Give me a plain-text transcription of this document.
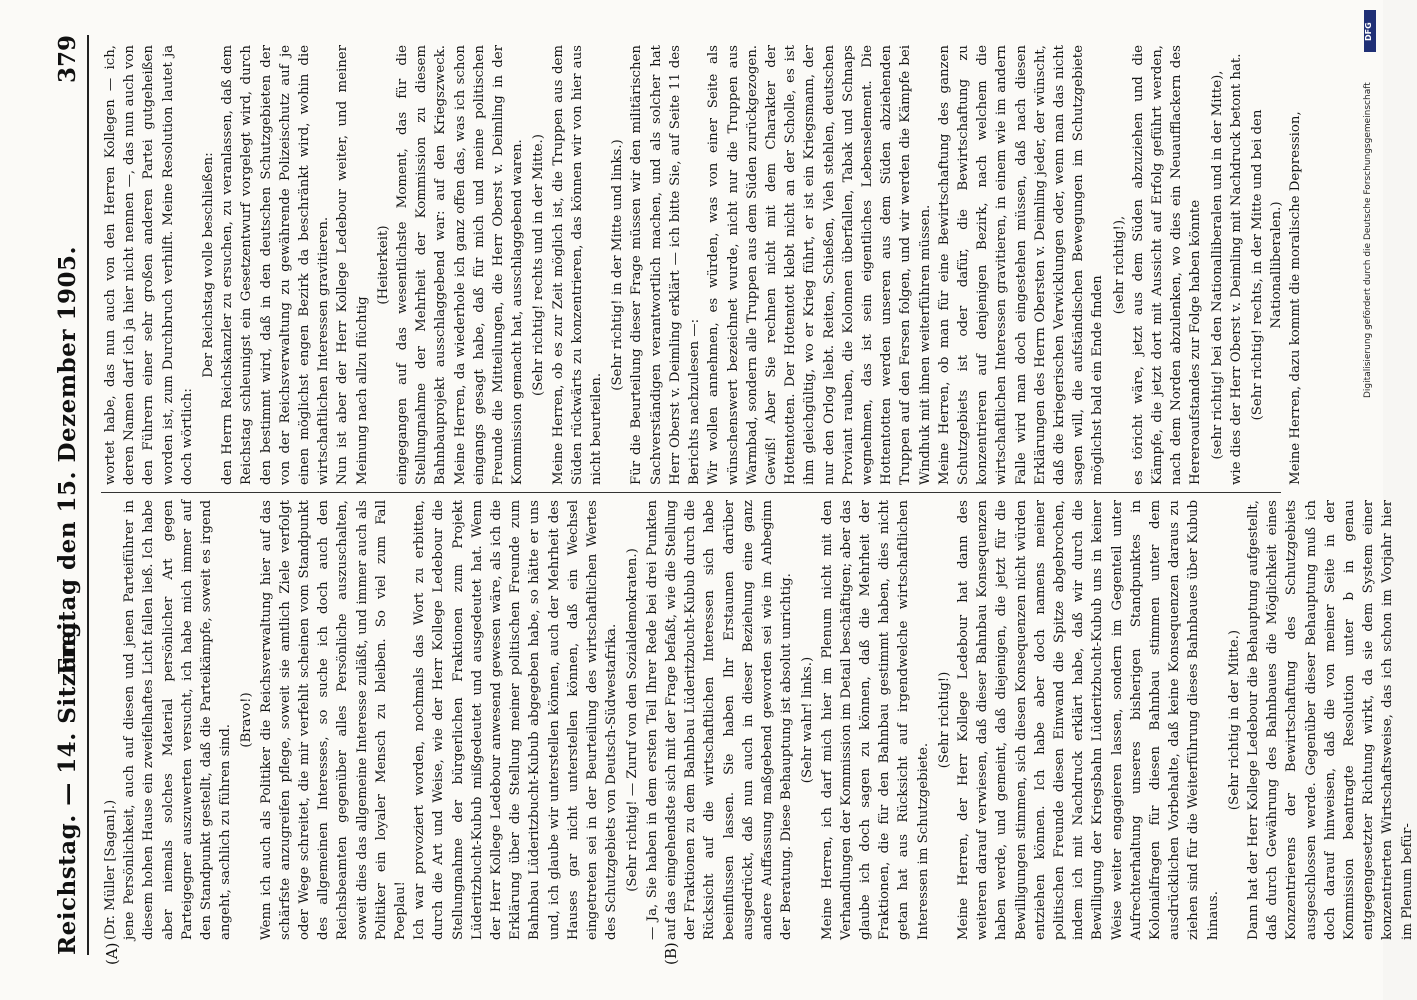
Reichstag. — 14. Sitzung.
Freitag den 15. Dezember 1905.
379
(A)	(B)

(Dr. Müller [Sagan].) jene Persönlichkeit, auch auf diesen und jenen Parteiführer in diesem hohen Hause ein zweifelhaftes Licht fallen ließ. Ich habe aber niemals solches Material persönlicher Art gegen Parteigegner auszuwerten versucht, ich habe mich immer auf den Standpunkt gestellt, daß die Parteikämpfe, soweit es irgend angeht, sachlich zu führen sind.

(Bravo!) Wenn ich auch als Politiker die Reichsverwaltung hier auf das schärfste anzugreifen pflege, soweit sie amtlich Ziele verfolgt oder Wege schreitet, die mir verfehlt scheinen vom Standpunkt des allgemeinen Interesses, so suche ich doch auch den Reichsbeamten gegenüber alles Persönliche auszuschalten, soweit dies das allgemeine Interesse zuläßt, und immer auch als Politiker ein loyaler Mensch zu bleiben. So viel zum Fall Poeplau! Ich war provoziert worden, nochmals das Wort zu erbitten, durch die Art und Weise, wie der Herr Kollege Ledebour die Stellungnahme der bürgerlichen Fraktionen zum Projekt Lüderitzbucht-Kubub mißgedeutet und ausgedeutet hat. Wenn der Herr Kollege Ledebour anwesend gewesen wäre, als ich die Erklärung über die Stellung meiner politischen Freunde zum Bahnbau Lüderitzbucht-Kubub abgegeben habe, so hätte er uns und, ich glaube wir unterstellen können, auch der Mehrheit des Hauses gar nicht unterstellen können, daß ein Wechsel eingetreten sei in der Beurteilung des wirtschaftlichen Wertes des Schutzgebiets von Deutsch-Südwestafrika. (Sehr richtig! — Zuruf von den Sozialdemokraten.) — Ja, Sie haben in dem ersten Teil Ihrer Rede bei drei Punkten auf das eingehendste sich mit der Frage befaßt, wie die Stellung der Fraktionen zu dem Bahnbau Lüderitzbucht-Kubub durch die Rücksicht auf die wirtschaftlichen Interessen sich habe beeinflussen lassen. Sie haben Ihr Erstaunen darüber ausgedrückt, daß nun auch in dieser Beziehung eine ganz andere Auffassung maßgebend geworden sei wie im Anbeginn der Beratung. Diese Behauptung ist absolut unrichtig. (Sehr wahr! links.) Meine Herren, ich darf mich hier im Plenum nicht mit den Verhandlungen der Kommission im Detail beschäftigen; aber das glaube ich doch sagen zu können, daß die Mehrheit der Fraktionen, die für den Bahnbau gestimmt haben, dies nicht getan hat aus Rücksicht auf irgendwelche wirtschaftlichen Interessen im Schutzgebiete.

(Sehr richtig!) Meine Herren, der Herr Kollege Ledebour hat dann des weiteren darauf verwiesen, daß dieser Bahnbau Konsequenzen haben werde, und gemeint, daß diejenigen, die jetzt für die Bewilligungen stimmen, sich diesen Konsequenzen nicht würden entziehen können. Ich habe aber doch namens meiner politischen Freunde diesen Einwand die Spitze abgebrochen, indem ich mit Nachdruck erklärt habe, daß wir durch die Bewilligung der Kriegsbahn Lüderitzbucht-Kubub uns in keiner Weise weiter engagieren lassen, sondern im Gegenteil unter Aufrechterhaltung unseres bisherigen Standpunktes in Kolonialfragen für diesen Bahnbau stimmen unter dem ausdrücklichen Vorbehalte, daß keine Konsequenzen daraus zu ziehen sind für die Weiterführung dieses Bahnbaues über Kubub hinaus.

(Sehr richtig in der Mitte.) Dann hat der Herr Kollege Ledebour die Behauptung aufgestellt, daß durch Gewährung des Bahnbaues die Möglichkeit eines Konzentrierens der Bewirtschaftung des Schutzgebiets ausgeschlossen werde. Gegenüber dieser Behauptung muß ich doch darauf hinweisen, daß die von meiner Seite in der Kommission beantragte Resolution unter b in genau entgegengesetzter Richtung wirkt, da sie dem System einer konzentrierten Wirtschaftsweise, das ich schon im Vorjahr hier im Plenum befür-

wortet habe, das nun auch von den Herren Kollegen — ich, deren Namen darf ich ja hier nicht nennen —, das nun auch von den Führern einer sehr großen anderen Partei gutgeheißen worden ist, zum Durchbruch verhilft. Meine Resolution lautet ja doch wörtlich:

Der Reichstag wolle beschließen: den Herrn Reichskanzler zu ersuchen, zu veranlassen, daß dem Reichstag schleunigst ein Gesetzentwurf vorgelegt wird, durch den bestimmt wird, daß in den deutschen Schutzgebieten der von der Reichsverwaltung zu gewährende Polizeischutz auf je einen möglichst engen Bezirk da beschränkt wird, wohin die wirtschaftlichen Interessen gravitieren. Nun ist aber der Herr Kollege Ledebour weiter, und meiner Meinung nach allzu flüchtig

(Heiterkeit) eingegangen auf das wesentlichste Moment, das für die Stellungnahme der Mehrheit der Kommission zu diesem Bahnbauprojekt ausschlaggebend war: auf den Kriegszweck. Meine Herren, da wiederhole ich ganz offen das, was ich schon eingangs gesagt habe, daß für mich und meine politischen Freunde die Mitteilungen, die Herr Oberst v. Deimling in der Kommission gemacht hat, ausschlaggebend waren. (Sehr richtig! rechts und in der Mitte.) Meine Herren, ob es zur Zeit möglich ist, die Truppen aus dem Süden rückwärts zu konzentrieren, das können wir von hier aus nicht beurteilen.

(Sehr richtig! in der Mitte und links.) Für die Beurteilung dieser Frage müssen wir den militärischen Sachverständigen verantwortlich machen, und als solcher hat Herr Oberst v. Deimling erklärt — ich bitte Sie, auf Seite 11 des Berichts nachzulesen —: Wir wollen annehmen, es würden, was von einer Seite als wünschenswert bezeichnet wurde, nicht nur die Truppen aus Warmbad, sondern alle Truppen aus dem Süden zurückgezogen. Gewiß! Aber Sie rechnen nicht mit dem Charakter der Hottentotten. Der Hottentott klebt nicht an der Scholle, es ist ihm gleichgültig, wo er Krieg führt, er ist ein Kriegsmann, der nur den Orlog liebt. Reiten, Schießen, Vieh stehlen, deutschen Proviant rauben, die Kolonnen überfallen, Tabak und Schnaps wegnehmen, das ist sein eigentliches Lebenselement. Die Hottentotten werden unseren aus dem Süden abziehenden Truppen auf den Fersen folgen, und wir werden die Kämpfe bei Windhuk mit ihnen weiterführen müssen. Meine Herren, ob man für eine Bewirtschaftung des ganzen Schutzgebiets ist oder dafür, die Bewirtschaftung zu konzentrieren auf denjenigen Bezirk, nach welchem die wirtschaftlichen Interessen gravitieren, in einem wie im andern Falle wird man doch eingestehen müssen, daß nach diesen Erklärungen des Herrn Obersten v. Deimling jeder, der wünscht, daß die kriegerischen Verwicklungen oder, wenn man das nicht sagen will, die aufständischen Bewegungen im Schutzgebiete möglichst bald ein Ende finden

(sehr richtig!), es töricht wäre, jetzt aus dem Süden abzuziehen und die Kämpfe, die jetzt dort mit Aussicht auf Erfolg geführt werden, nach dem Norden abzulenken, wo dies ein Neuaufflackern des Hereroaufstandes zur Folge haben könnte (sehr richtig! bei den Nationalliberalen und in der Mitte), wie dies der Herr Oberst v. Deimling mit Nachdruck betont hat. (Sehr richtig! rechts, in der Mitte und bei den Nationalliberalen.) Meine Herren, dazu kommt die moralische Depression,

DFG
Digitalisierung gefördert durch die Deutsche Forschungsgemeinschaft
